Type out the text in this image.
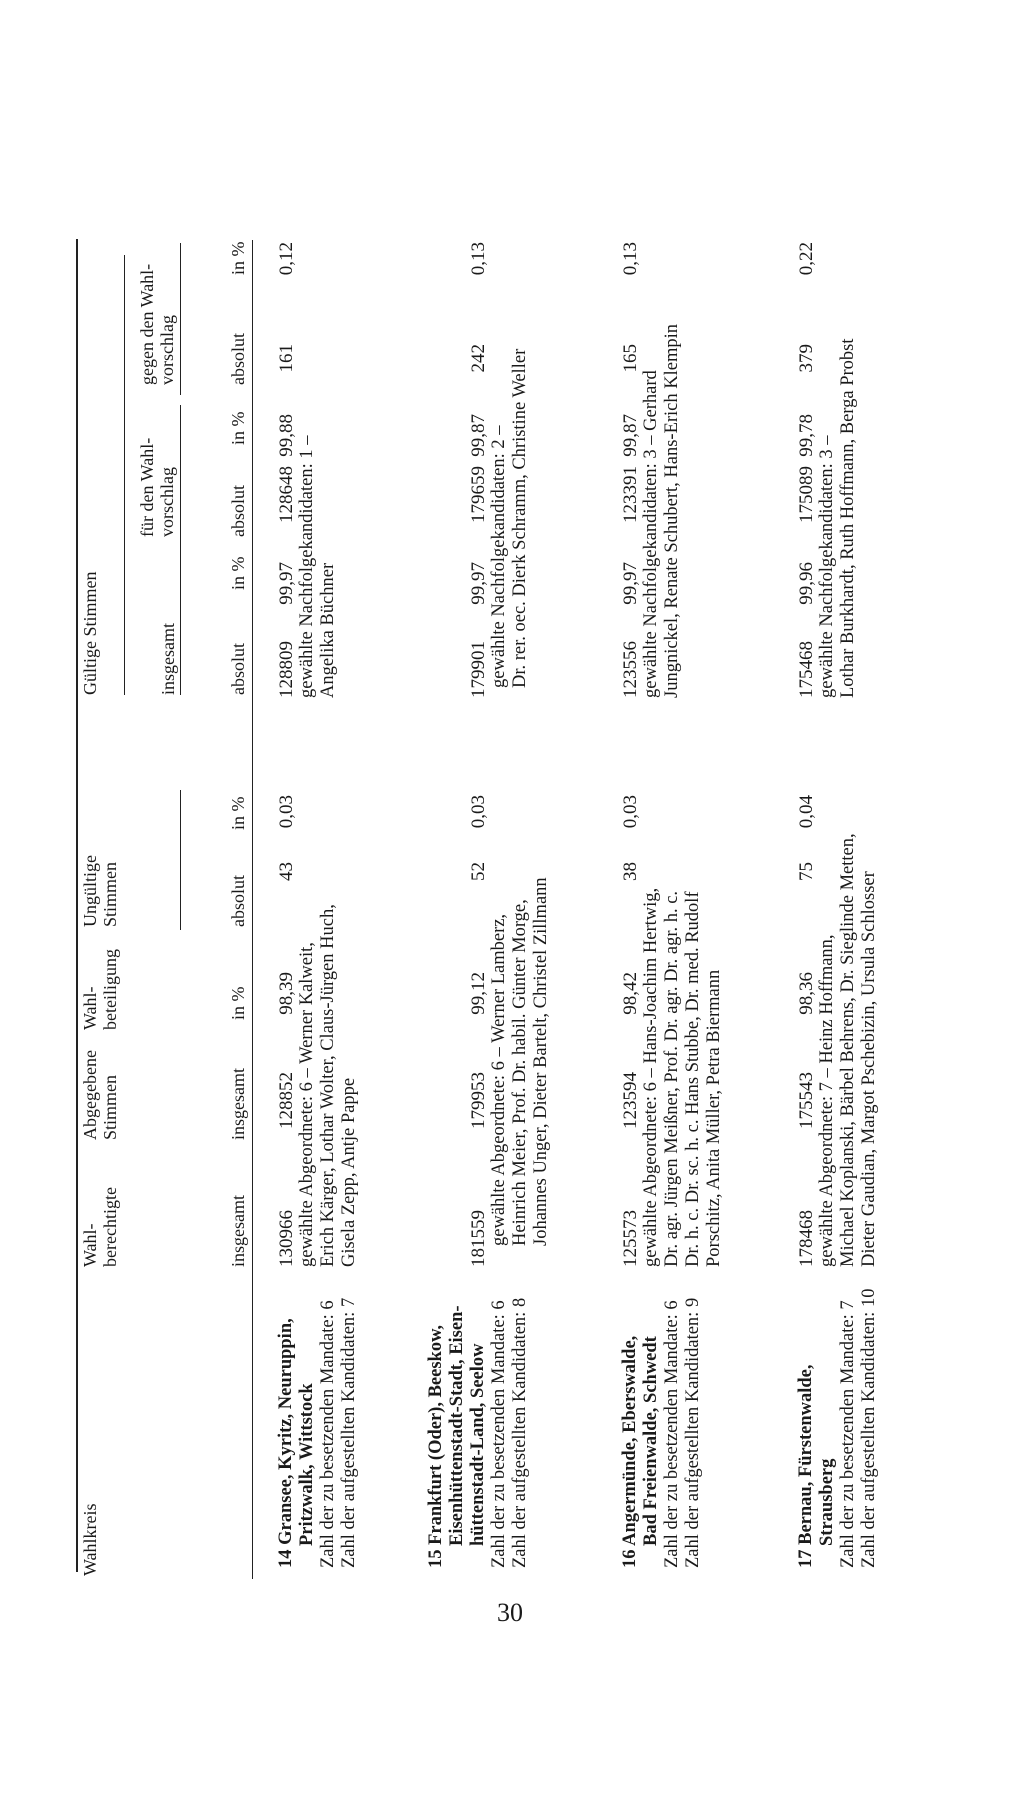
Wahlkreis
Wahl- berechtigte
Abgegebene Stimmen
Wahl- beteiligung
Ungültige Stimmen
Gültige Stimmen	insgesamt
für den Wahl- vorschlag
gegen den Wahl- vorschlag
insgesamt
insgesamt
in %
absolut
in %
absolut
in %
absolut
in %
absolut
in %
14 Gransee, Kyritz, Neuruppin, Pritzwalk, Wittstock Zahl der zu besetzenden Mandate: 6 Zahl der aufgestellten Kandidaten: 7
130966
128852
98,39
43
0,03
128809
99,97
128648
99,88
161
0,12
gewählte Abgeordnete: 6 – Werner Kalweit, Erich Kärger, Lothar Wolter, Claus-Jürgen Huch, Gisela Zepp, Antje Pappe
gewählte Nachfolgekandidaten: 1 – Angelika Büchner
15 Frankfurt (Oder), Beeskow, Eisenhüttenstadt-Stadt, Eisen- hüttenstadt-Land, Seelow Zahl der zu besetzenden Mandate: 6 Zahl der aufgestellten Kandidaten: 8
181559
179953
99,12
52
0,03
179901
99,97
179659
99,87
242
0,13
gewählte Abgeordnete: 6 – Werner Lamberz, Heinrich Meier, Prof. Dr. habil. Günter Morge, Johannes Unger, Dieter Bartelt, Christel Zillmann
gewählte Nachfolgekandidaten: 2 – Dr. rer. oec. Dierk Schramm, Christine Weller
16 Angermünde, Eberswalde, Bad Freienwalde, Schwedt Zahl der zu besetzenden Mandate: 6 Zahl der aufgestellten Kandidaten: 9
125573
123594
98,42
38
0,03
123556
99,97
123391
99,87
165
0,13
gewählte Abgeordnete: 6 – Hans-Joachim Hertwig, Dr. agr. Jürgen Meißner, Prof. Dr. agr. Dr. agr. h. c. Dr. h. c. Dr. sc. h. c. Hans Stubbe, Dr. med. Rudolf Porschitz, Anita Müller, Petra Biermann
gewählte Nachfolgekandidaten: 3 – Gerhard Jungnickel, Renate Schubert, Hans-Erich Klempin
17 Bernau, Fürstenwalde, Strausberg Zahl der zu besetzenden Mandate: 7 Zahl der aufgestellten Kandidaten: 10
178468
175543
98,36
75
0,04
175468
99,96
175089
99,78
379
0,22
gewählte Abgeordnete: 7 – Heinz Hoffmann, Michael Koplanski, Bärbel Behrens, Dr. Sieglinde Metten, Dieter Gaudian, Margot Pschebizin, Ursula Schlosser
gewählte Nachfolgekandidaten: 3 – Lothar Burkhardt, Ruth Hoffmann, Berga Probst
30
